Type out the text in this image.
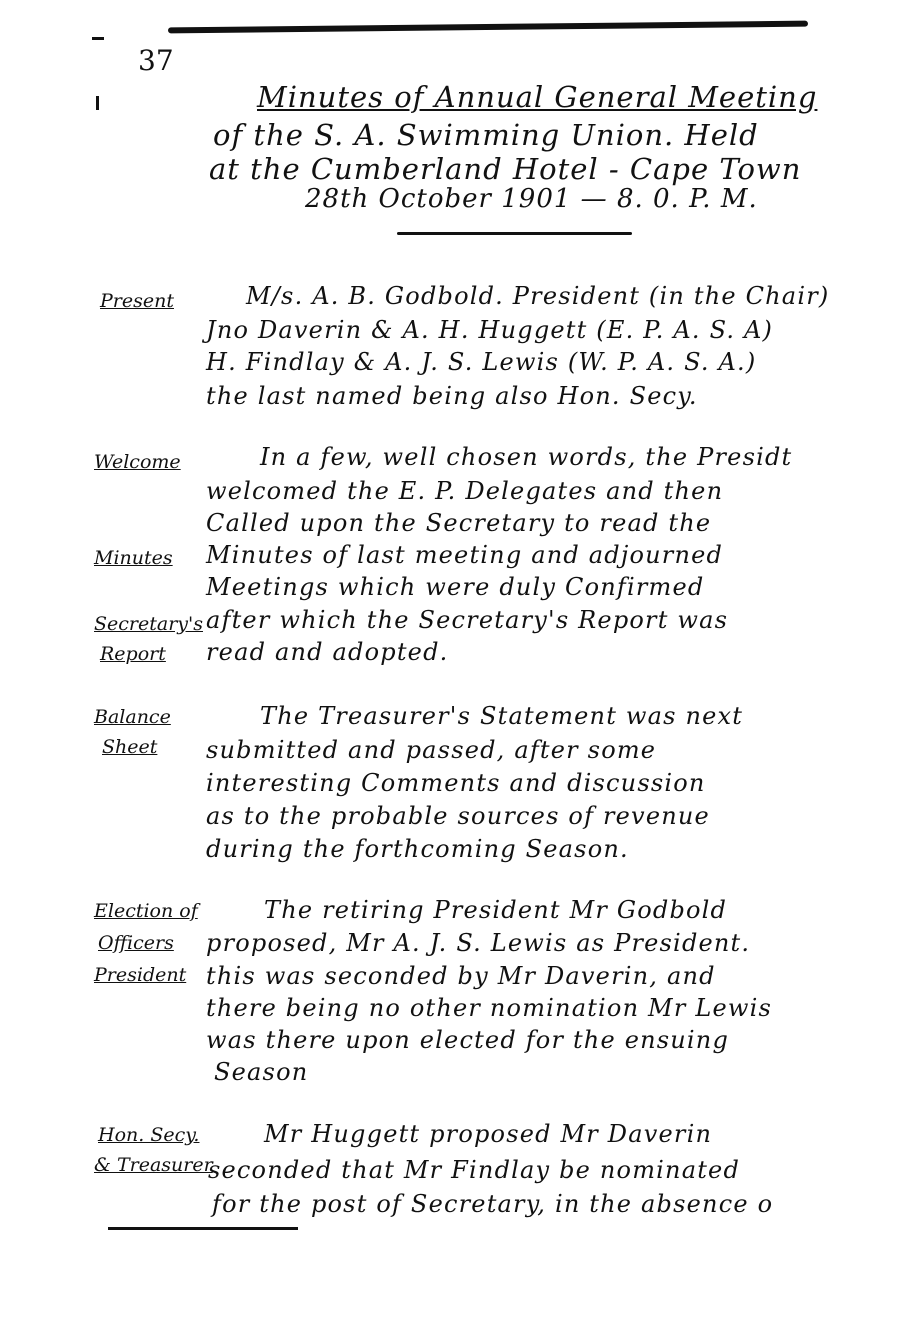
37
Minutes of Annual General Meeting
of the S. A. Swimming Union. Held
at the Cumberland Hotel - Cape Town
28th October 1901 — 8. 0. P. M.
Present	M/s. A. B. Godbold. President (in the Chair)
Jno Daverin & A. H. Huggett (E. P. A. S. A)
H. Findlay & A. J. S. Lewis (W. P. A. S. A.)
the last named being also Hon. Secy.
Welcome
Minutes
Secretary's
Report
In a few, well chosen words, the Presidt
welcomed the E. P. Delegates and then
Called upon the Secretary to read the
Minutes of last meeting and adjourned
Meetings which were duly Confirmed
after which the Secretary's Report was
read and adopted.
Balance
Sheet
The Treasurer's Statement was next
submitted and passed, after some
interesting Comments and discussion
as to the probable sources of revenue
during the forthcoming Season.
Election of
Officers
President
The retiring President Mr Godbold
proposed, Mr A. J. S. Lewis as President.
this was seconded by Mr Daverin, and
there being no other nomination Mr Lewis
was there upon elected for the ensuing
Season
Hon. Secy.
& Treasurer
Mr Huggett proposed Mr Daverin
seconded that Mr Findlay be nominated
for the post of Secretary, in the absence o
